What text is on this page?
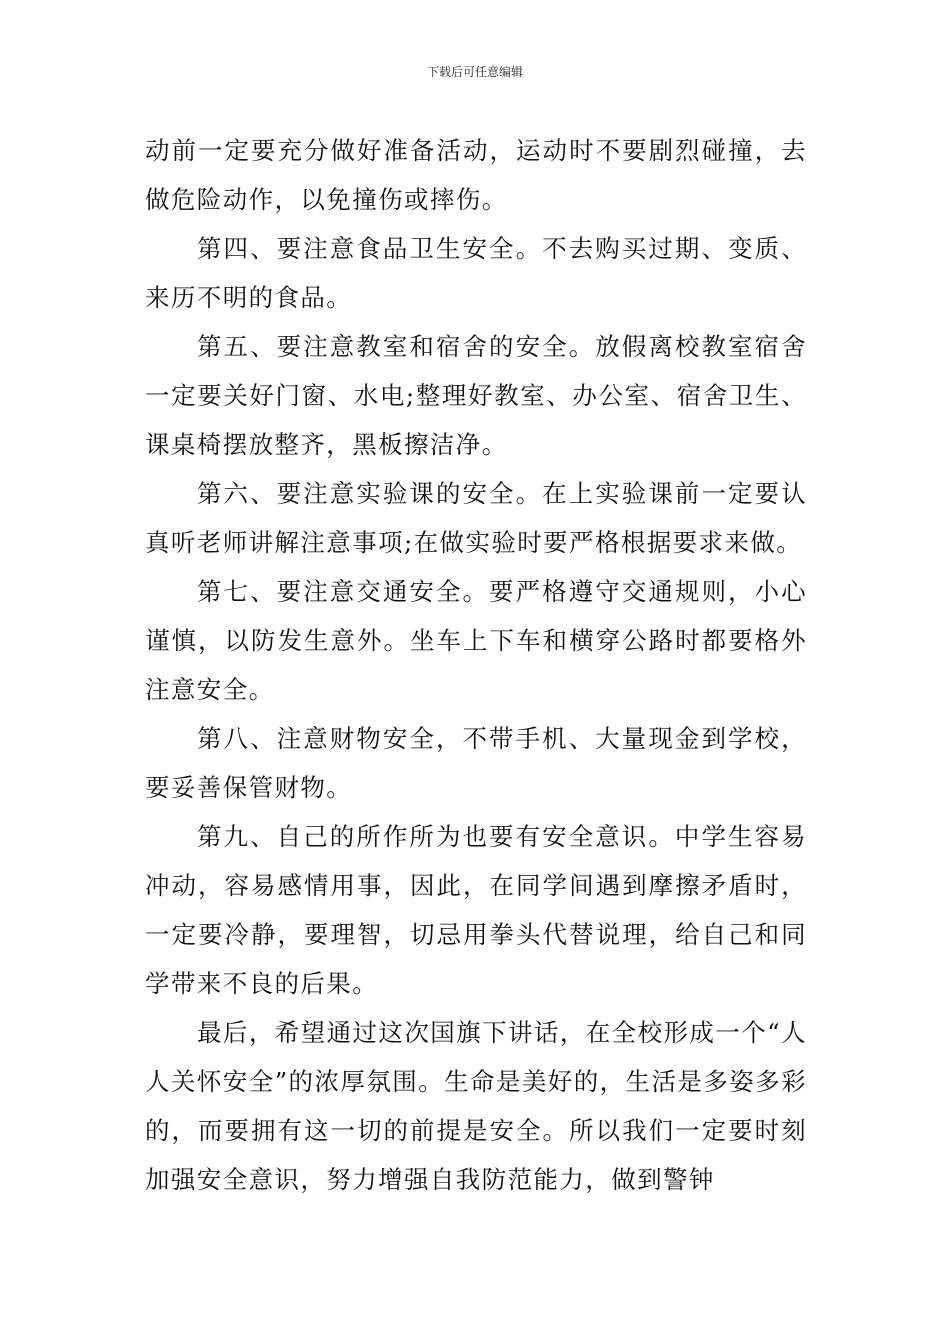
下载后可任意编辑

动前一定要充分做好准备活动，运动时不要剧烈碰撞，去做危险动作，以免撞伤或摔伤。

第四、要注意食品卫生安全。不去购买过期、变质、来历不明的食品。

第五、要注意教室和宿舍的安全。放假离校教室宿舍一定要关好门窗、水电;整理好教室、办公室、宿舍卫生、课桌椅摆放整齐，黑板擦洁净。

第六、要注意实验课的安全。在上实验课前一定要认真听老师讲解注意事项;在做实验时要严格根据要求来做。

第七、要注意交通安全。要严格遵守交通规则，小心谨慎，以防发生意外。坐车上下车和横穿公路时都要格外注意安全。

第八、注意财物安全，不带手机、大量现金到学校，要妥善保管财物。

第九、自己的所作所为也要有安全意识。中学生容易冲动，容易感情用事，因此，在同学间遇到摩擦矛盾时，一定要冷静，要理智，切忌用拳头代替说理，给自己和同学带来不良的后果。

最后，希望通过这次国旗下讲话，在全校形成一个“人人关怀安全”的浓厚氛围。生命是美好的，生活是多姿多彩的，而要拥有这一切的前提是安全。所以我们一定要时刻加强安全意识，努力增强自我防范能力，做到警钟
